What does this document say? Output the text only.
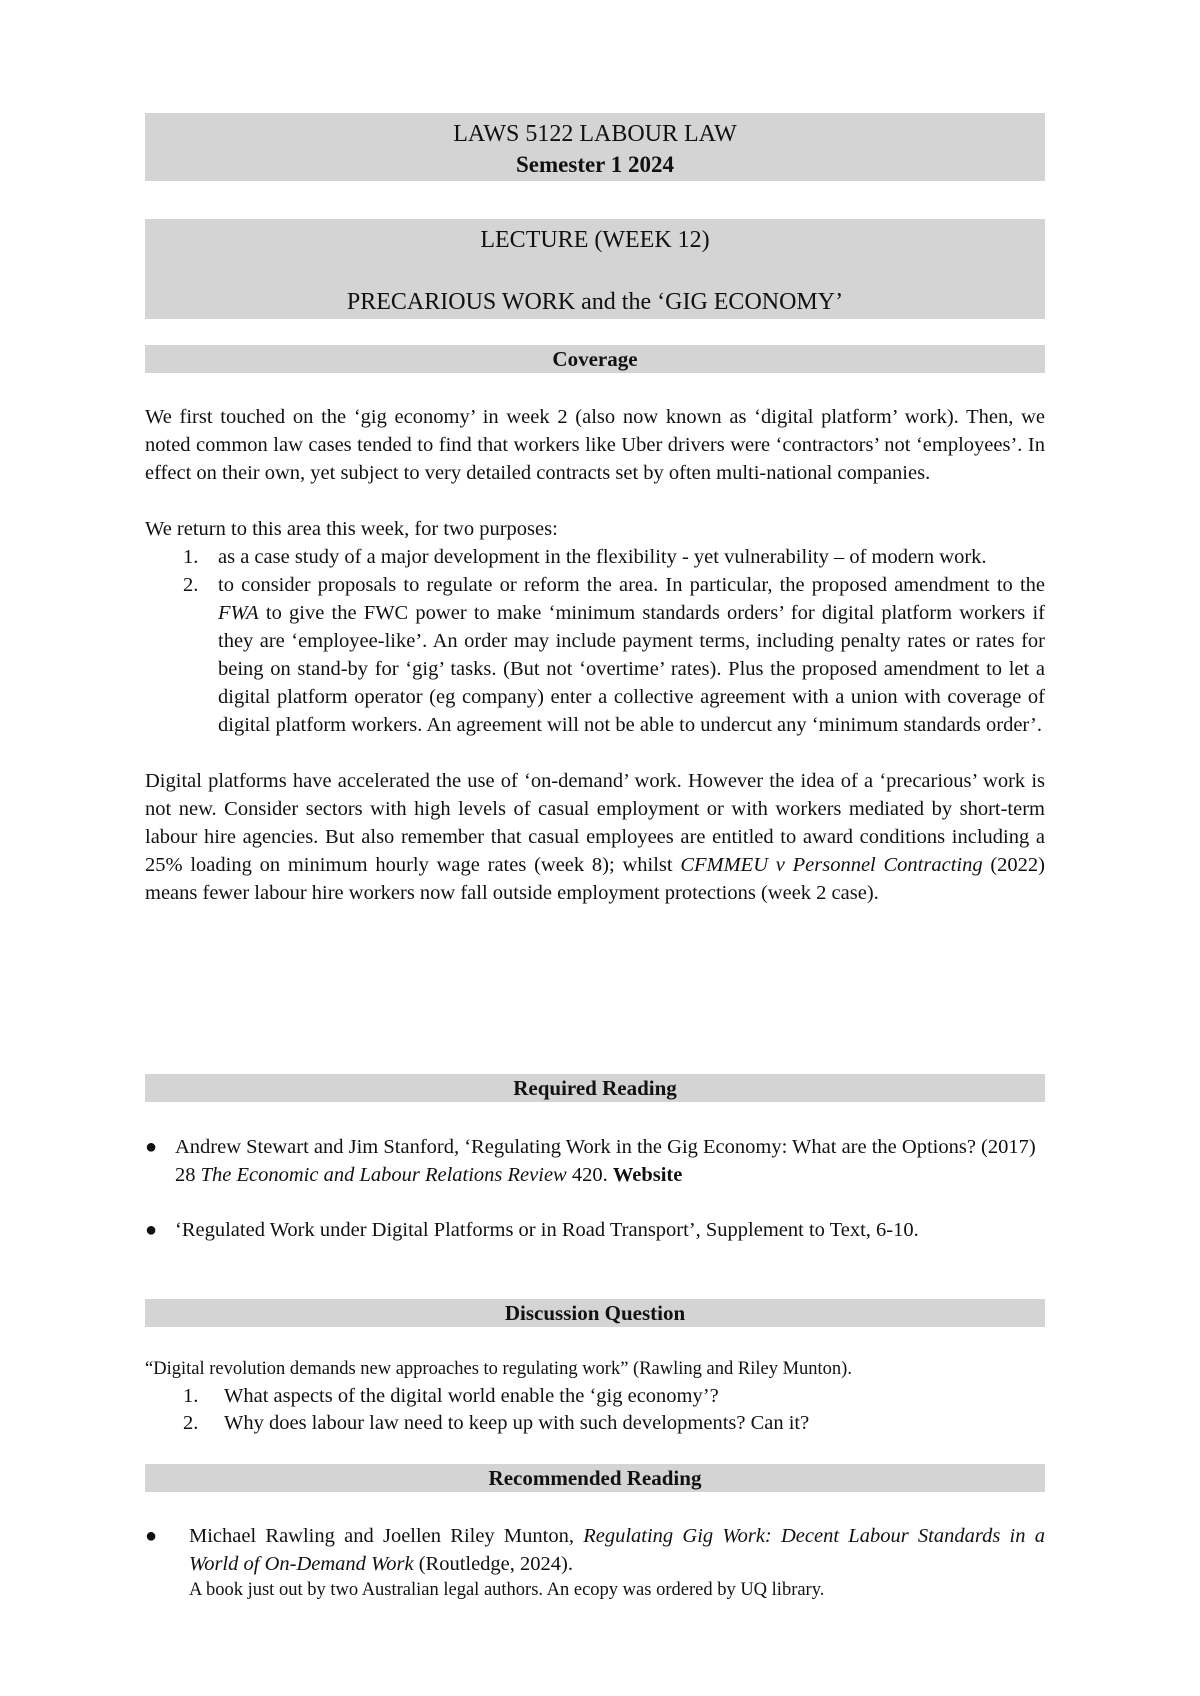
LAWS 5122 LABOUR LAW
Semester 1 2024
LECTURE (WEEK 12)
PRECARIOUS WORK and the ‘GIG ECONOMY’
Coverage

We first touched on the ‘gig economy’ in week 2 (also now known as ‘digital platform’ work). Then, we noted common law cases tended to find that workers like Uber drivers were ‘contractors’ not ‘employees’. In effect on their own, yet subject to very detailed contracts set by often multi-national companies.

We return to this area this week, for two purposes:

1. as a case study of a major development in the flexibility - yet vulnerability – of modern work.
2. to consider proposals to regulate or reform the area. In particular, the proposed amendment to the FWA to give the FWC power to make ‘minimum standards orders’ for digital platform workers if they are ‘employee-like’. An order may include payment terms, including penalty rates or rates for being on stand-by for ‘gig’ tasks. (But not ‘overtime’ rates). Plus the proposed amendment to let a digital platform operator (eg company) enter a collective agreement with a union with coverage of digital platform workers. An agreement will not be able to undercut any ‘minimum standards order’.

Digital platforms have accelerated the use of ‘on-demand’ work. However the idea of a ‘precarious’ work is not new. Consider sectors with high levels of casual employment or with workers mediated by short-term labour hire agencies. But also remember that casual employees are entitled to award conditions including a 25% loading on minimum hourly wage rates (week 8); whilst CFMMEU v Personnel Contracting (2022) means fewer labour hire workers now fall outside employment protections (week 2 case).

Required Reading
● Andrew Stewart and Jim Stanford, ‘Regulating Work in the Gig Economy: What are the Options? (2017) 28 The Economic and Labour Relations Review 420. Website
● ‘Regulated Work under Digital Platforms or in Road Transport’, Supplement to Text, 6-10.
Discussion Question

“Digital revolution demands new approaches to regulating work” (Rawling and Riley Munton).

1. What aspects of the digital world enable the ‘gig economy’?
2. Why does labour law need to keep up with such developments? Can it?
Recommended Reading
● Michael Rawling and Joellen Riley Munton, Regulating Gig Work: Decent Labour Standards in a World of On-Demand Work (Routledge, 2024).
A book just out by two Australian legal authors. An ecopy was ordered by UQ library.
